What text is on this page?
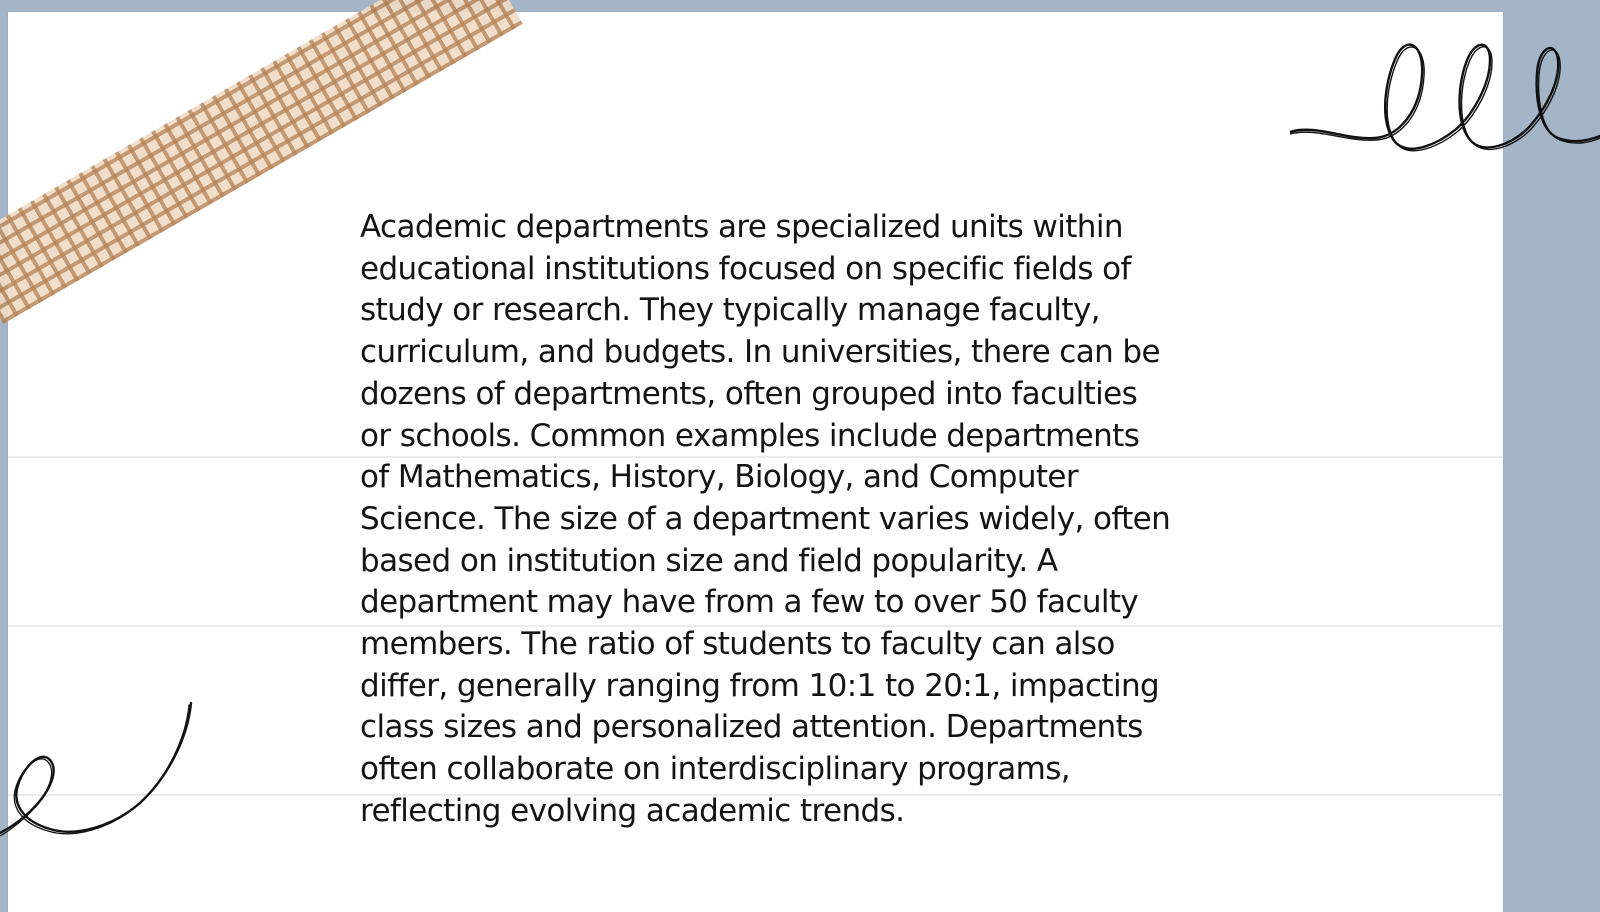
Academic departments are specialized units within
educational institutions focused on specific fields of
study or research. They typically manage faculty,
curriculum, and budgets. In universities, there can be
dozens of departments, often grouped into faculties
or schools. Common examples include departments
of Mathematics, History, Biology, and Computer
Science. The size of a department varies widely, often
based on institution size and field popularity. A
department may have from a few to over 50 faculty
members. The ratio of students to faculty can also
differ, generally ranging from 10:1 to 20:1, impacting
class sizes and personalized attention. Departments
often collaborate on interdisciplinary programs,
reflecting evolving academic trends.
